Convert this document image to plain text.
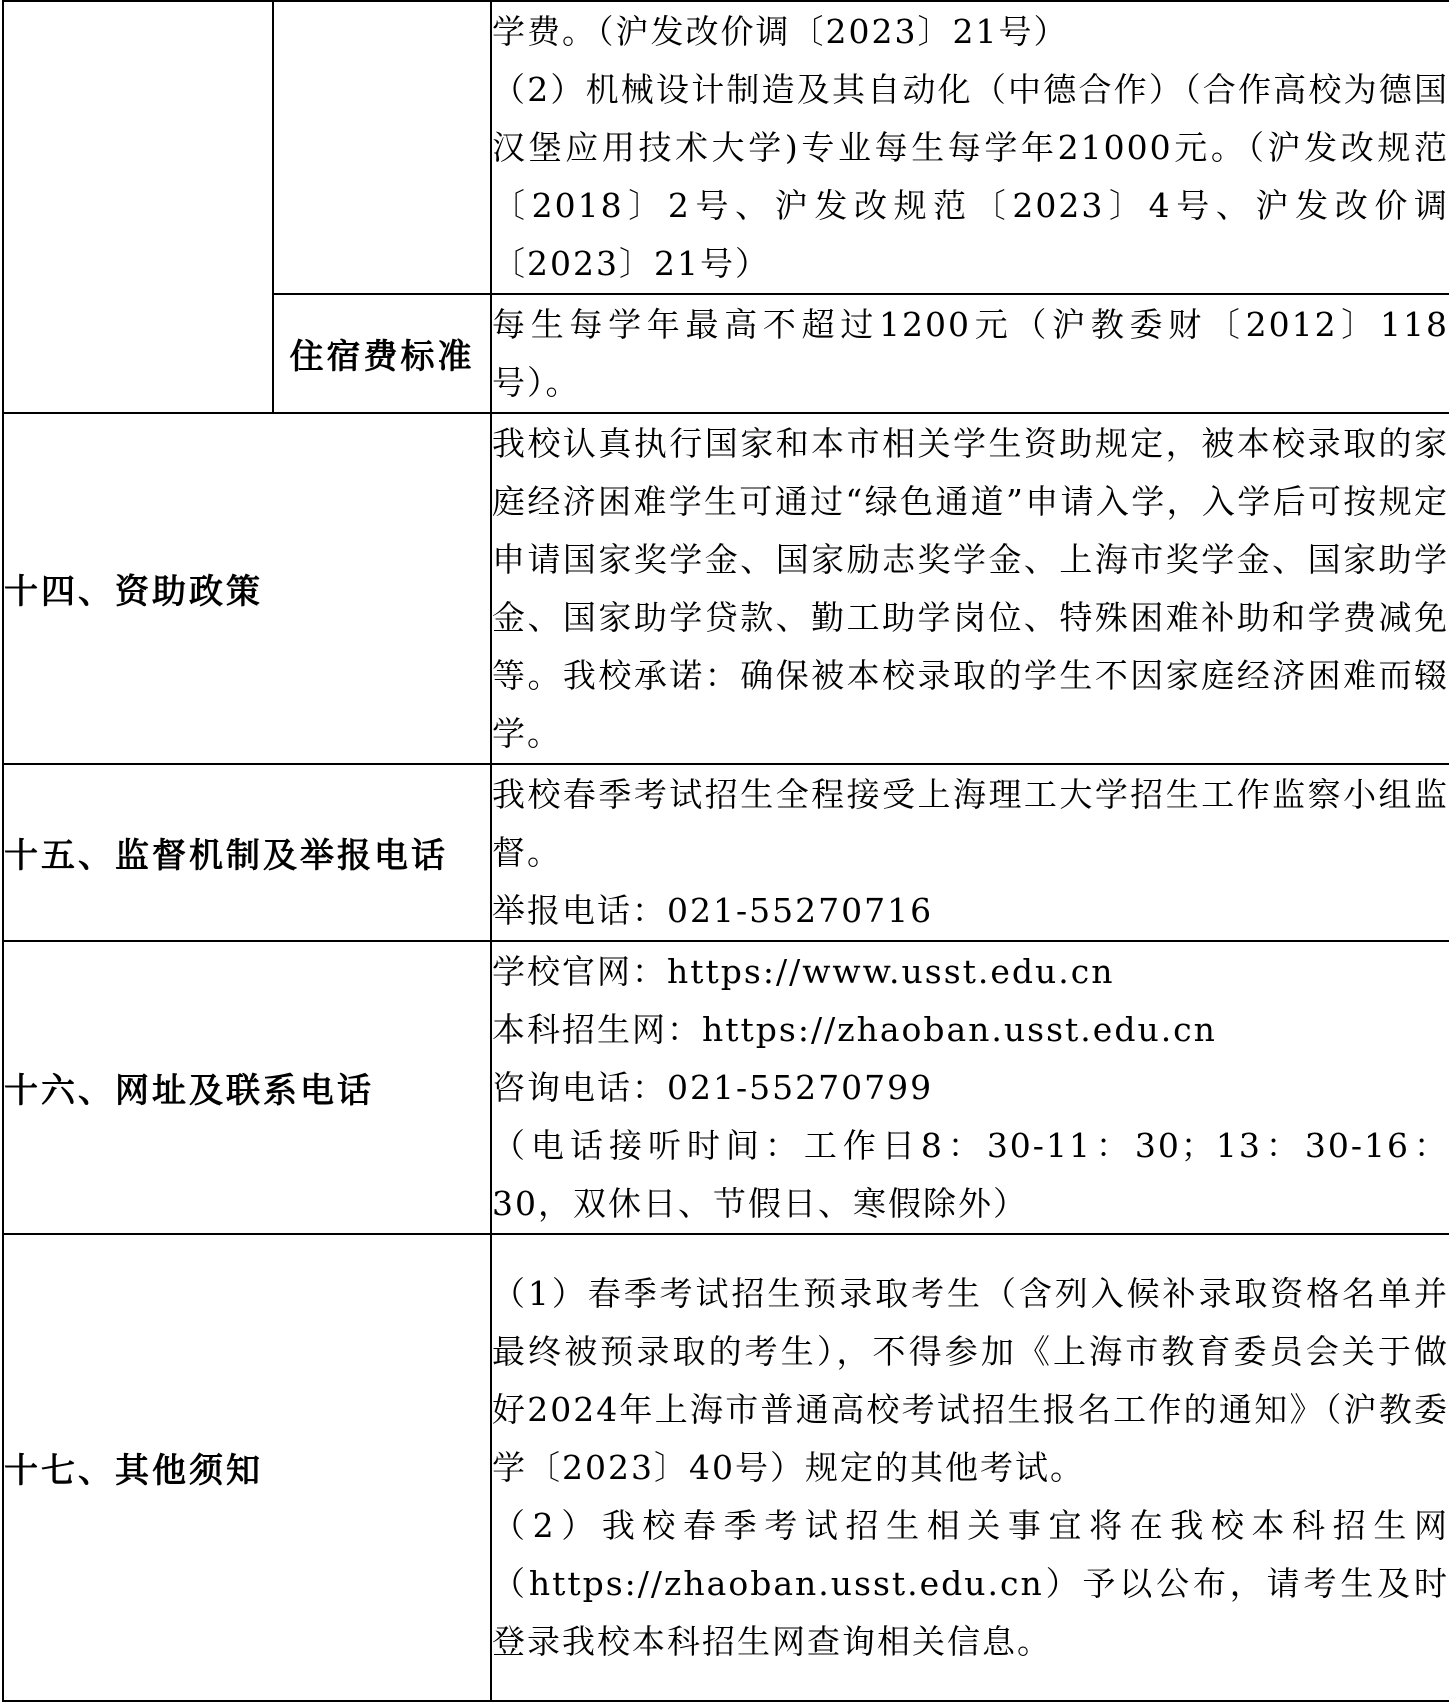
		学费。（沪发改价调〔2023〕21号）

（2）机械设计制造及其自动化（中德合作）（合作高校为德国汉堡应用技术大学)专业每生每学年21000元。（沪发改规范〔2018〕2号、沪发改规范〔2023〕4号、沪发改价调〔2023〕21号）

	住宿费标准	每生每学年最高不超过1200元（沪教委财〔2012〕118号）。

十四、资助政策		我校认真执行国家和本市相关学生资助规定，被本校录取的家庭经济困难学生可通过“绿色通道”申请入学，入学后可按规定申请国家奖学金、国家励志奖学金、上海市奖学金、国家助学金、国家助学贷款、勤工助学岗位、特殊困难补助和学费减免等。我校承诺：确保被本校录取的学生不因家庭经济困难而辍学。

十五、监督机制及举报电话		我校春季考试招生全程接受上海理工大学招生工作监察小组监督。

举报电话：021-55270716

十六、网址及联系电话		学校官网：https://www.usst.edu.cn

本科招生网：https://zhaoban.usst.edu.cn

咨询电话：021-55270799

（电话接听时间：工作日8：30-11：30；13：30-16：30，双休日、节假日、寒假除外）

十七、其他须知		（1）春季考试招生预录取考生（含列入候补录取资格名单并最终被预录取的考生），不得参加《上海市教育委员会关于做好2024年上海市普通高校考试招生报名工作的通知》（沪教委学〔2023〕40号）规定的其他考试。

（2）我校春季考试招生相关事宜将在我校本科招生网（https://zhaoban.usst.edu.cn）予以公布，请考生及时登录我校本科招生网查询相关信息。
